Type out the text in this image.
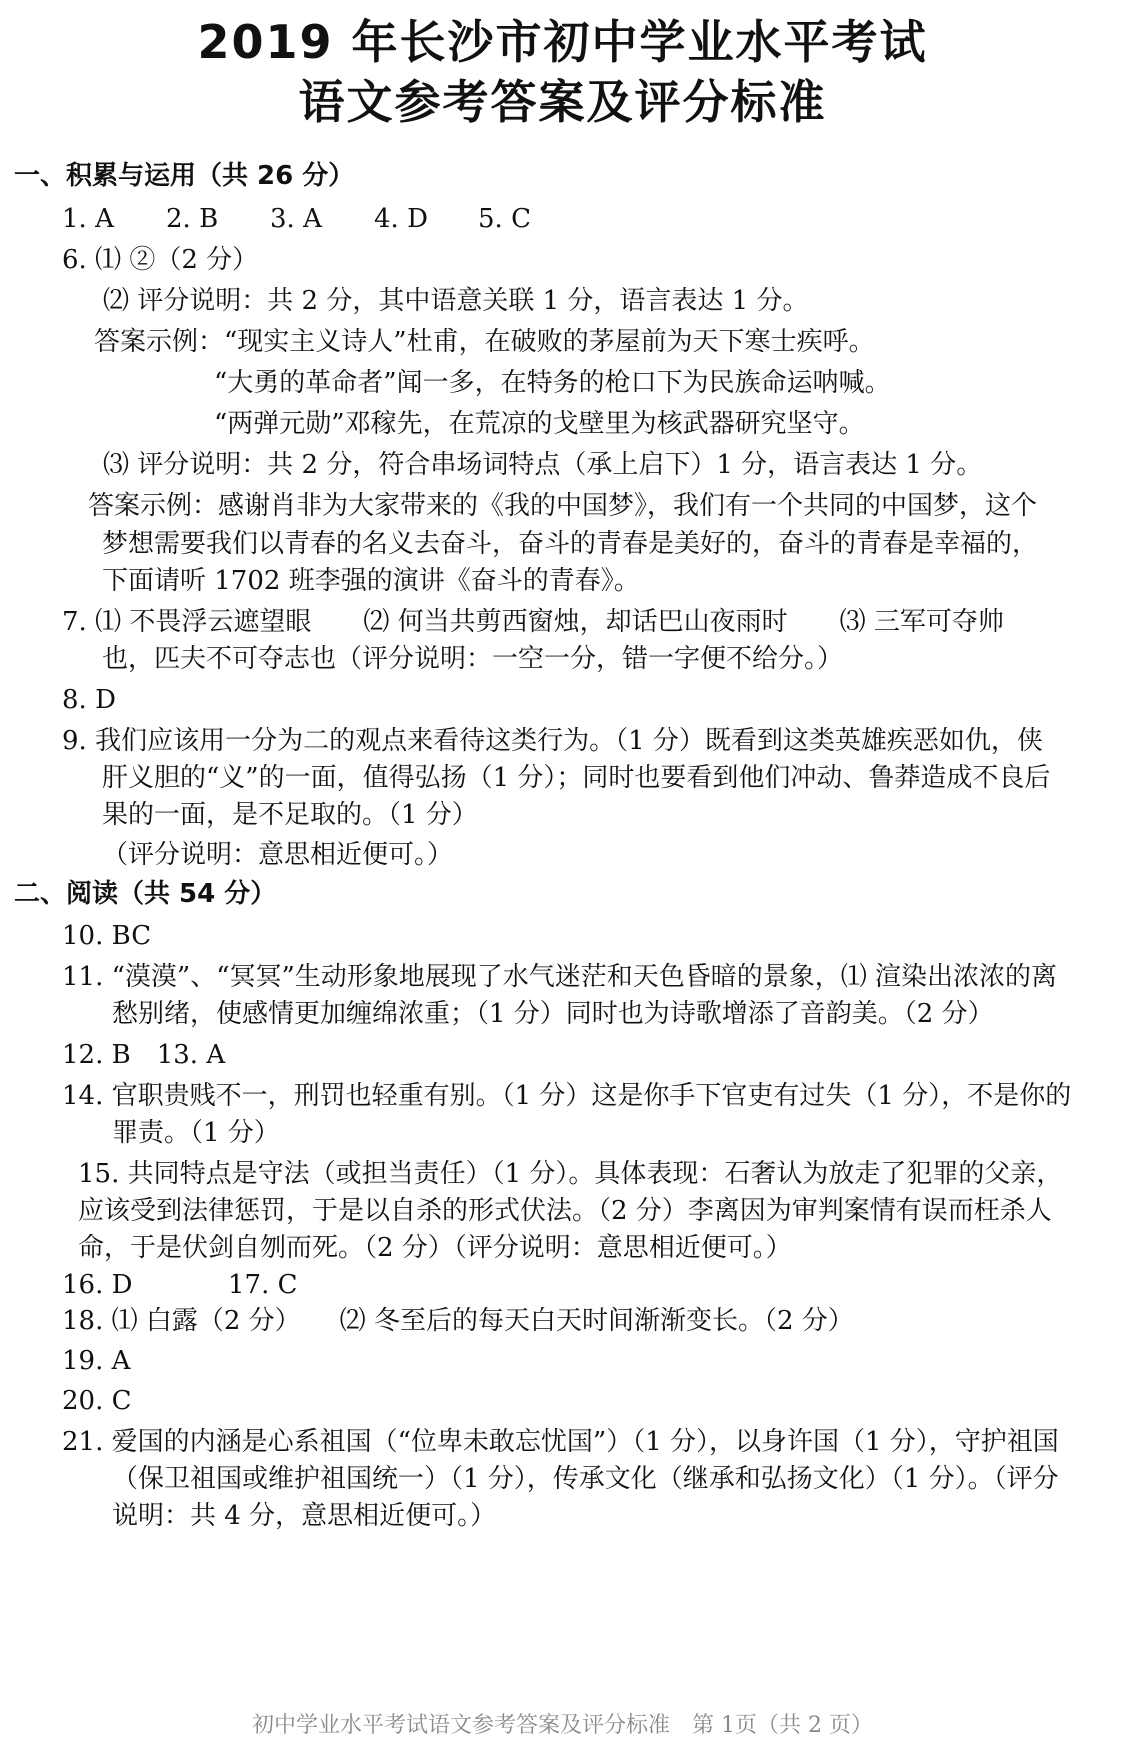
2019 年长沙市初中学业水平考试
语文参考答案及评分标准
一、积累与运用（共 26 分）
1. A 2. B 3. A 4. D 5. C
6. ⑴ ②（2 分）
⑵ 评分说明：共 2 分，其中语意关联 1 分，语言表达 1 分。
答案示例：“现实主义诗人”杜甫，在破败的茅屋前为天下寒士疾呼。
“大勇的革命者”闻一多，在特务的枪口下为民族命运呐喊。
“两弹元勋”邓稼先，在荒凉的戈壁里为核武器研究坚守。
⑶ 评分说明：共 2 分，符合串场词特点（承上启下）1 分，语言表达 1 分。
答案示例：感谢肖非为大家带来的《我的中国梦》，我们有一个共同的中国梦，这个
梦想需要我们以青春的名义去奋斗，奋斗的青春是美好的，奋斗的青春是幸福的，
下面请听 1702 班李强的演讲《奋斗的青春》。
7. ⑴ 不畏浮云遮望眼　　⑵ 何当共剪西窗烛，却话巴山夜雨时　　⑶ 三军可夺帅
也，匹夫不可夺志也（评分说明：一空一分，错一字便不给分。）
8. D
9. 我们应该用一分为二的观点来看待这类行为。（1 分）既看到这类英雄疾恶如仇，侠
肝义胆的“义”的一面，值得弘扬（1 分）；同时也要看到他们冲动、鲁莽造成不良后
果的一面，是不足取的。（1 分）
（评分说明：意思相近便可。）
二、阅读（共 54 分）
10. BC
11. “漠漠”、“冥冥”生动形象地展现了水气迷茫和天色昏暗的景象，⑴ 渲染出浓浓的离
愁别绪，使感情更加缠绵浓重；（1 分）同时也为诗歌增添了音韵美。（2 分）
12. B　13. A
14. 官职贵贱不一，刑罚也轻重有别。（1 分）这是你手下官吏有过失（1 分），不是你的
罪责。（1 分）
15. 共同特点是守法（或担当责任）（1 分）。具体表现：石奢认为放走了犯罪的父亲，
应该受到法律惩罚，于是以自杀的形式伏法。（2 分）李离因为审判案情有误而枉杀人
命，于是伏剑自刎而死。（2 分）（评分说明：意思相近便可。）
16. D	17. C
18. ⑴ 白露（2 分）　　⑵ 冬至后的每天白天时间渐渐变长。（2 分）
19. A
20. C
21. 爱国的内涵是心系祖国（“位卑未敢忘忧国”）（1 分），以身许国（1 分），守护祖国
（保卫祖国或维护祖国统一）（1 分），传承文化（继承和弘扬文化）（1 分）。（评分
说明：共 4 分，意思相近便可。）
初中学业水平考试语文参考答案及评分标准　第 1页（共 2 页）
